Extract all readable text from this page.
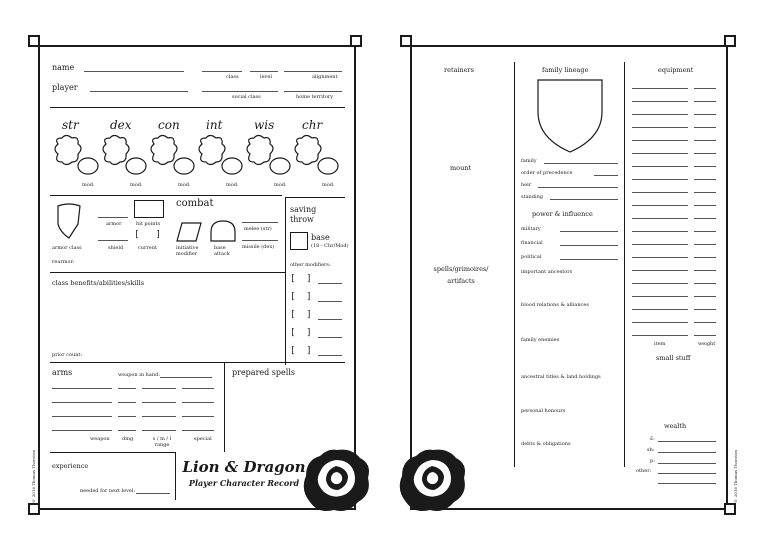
© 2016 Thomas Thoroton
name
class	level	alignment
player
social class	home territory
str
mod.
dex
mod.
con
mod.
int
mod.
wis
mod.
chr
mod.
armor class
rearmor:
combat
armor	hit points
shield
[   ]
current	initiative modifier
base attack
melee (str)
missile (dex)
saving
throw
base
(18 - Chr/Mod)
other modifiers:
[  ]
[  ]
[  ]
[  ]
[  ]
class benefits/abilities/skills
prior count:
arms	weapon in hand:
weapon dmg	s / m / l range
special
prepared spells
experience
needed for next level:
Lion & Dragon
Player Character Record	© 2016 Thomas Thoroton
retainers
mount
spells/grimoires/ artifacts
family lineage
family
order of precedence
heir
standing
power & influence
military
financial
political
important ancestors
blood relations & alliances
family enemies
ancestral titles & land holdings
personal honours
debts & obligations
equipment
item	weight
small stuff
wealth
£:
sh:
p:
other:
